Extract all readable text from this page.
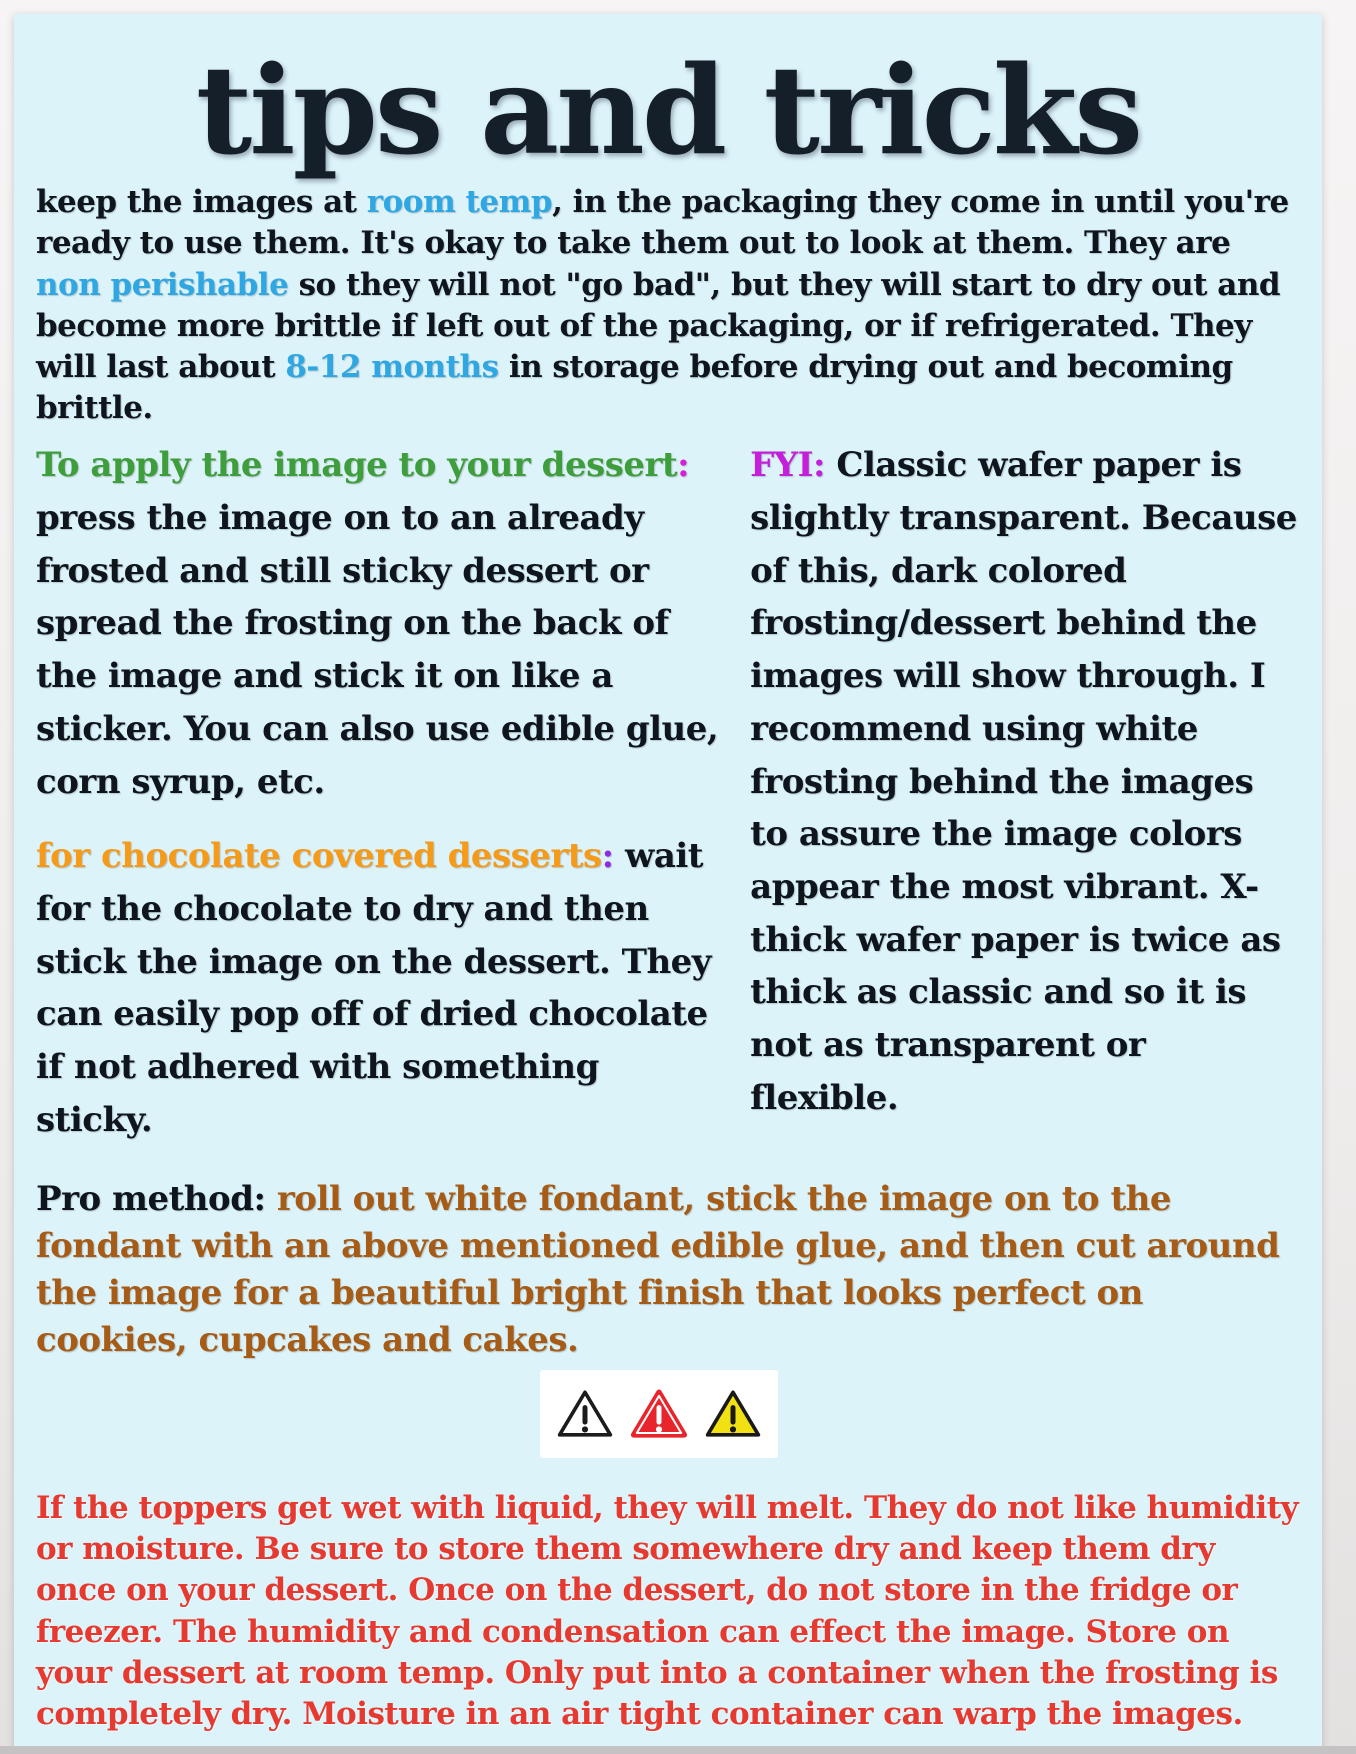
tips and tricks

keep the images at room temp, in the packaging they come in until you're ready to use them. It's okay to take them out to look at them. They are non perishable so they will not "go bad", but they will start to dry out and become more brittle if left out of the packaging, or if refrigerated. They will last about 8-12 months in storage before drying out and becoming brittle.

To apply the image to your dessert:
press the image on to an already frosted and still sticky dessert or spread the frosting on the back of the image and stick it on like a sticker. You can also use edible glue, corn syrup, etc.

for chocolate covered desserts: wait for the chocolate to dry and then stick the image on the dessert. They can easily pop off of dried chocolate if not adhered with something sticky.

FYI: Classic wafer paper is slightly transparent. Because of this, dark colored frosting/dessert behind the images will show through. I recommend using white frosting behind the images to assure the image colors appear the most vibrant. X-thick wafer paper is twice as thick as classic and so it is not as transparent or flexible.

Pro method: roll out white fondant, stick the image on to the fondant with an above mentioned edible glue, and then cut around the image for a beautiful bright finish that looks perfect on cookies, cupcakes and cakes.

If the toppers get wet with liquid, they will melt. They do not like humidity or moisture. Be sure to store them somewhere dry and keep them dry once on your dessert. Once on the dessert, do not store in the fridge or freezer. The humidity and condensation can effect the image. Store on your dessert at room temp. Only put into a container when the frosting is completely dry. Moisture in an air tight container can warp the images.
